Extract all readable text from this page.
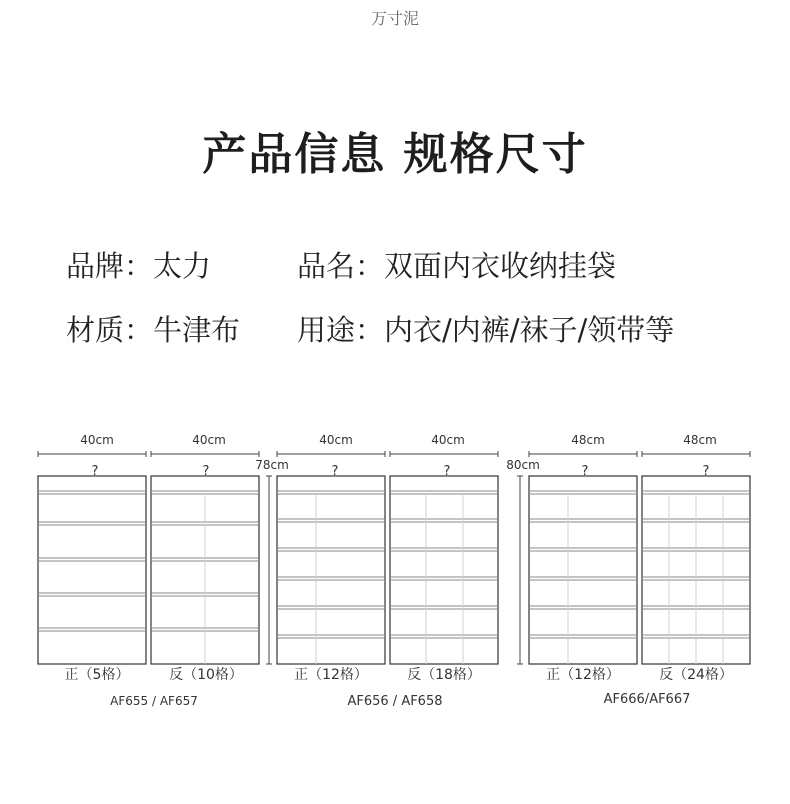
万寸泥
产品信息 规格尺寸
品牌：太力	品名：双面内衣收纳挂袋
材质：牛津布 用途：内衣/内裤/袜子/领带等
40cm	40cm	40cm	40cm	48cm	48cm
78cm	80cm
?	?	?	?	?	?
正（5格）	反（10格）	正（12格）	反（18格）	正（12格）	反（24格）
AF655 / AF657	AF656 / AF658	AF666/AF667
